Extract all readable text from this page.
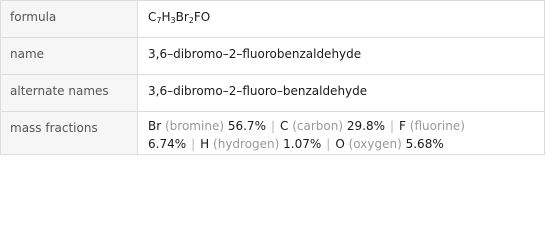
formula	$C_7H_3Br_2FO$
name	3,6–dibromo–2–fluorobenzaldehyde
alternate names	3,6–dibromo–2–fluoro–benzaldehyde
mass fractions	Br (bromine) 56.7% | C (carbon) 29.8% | F (fluorine)
6.74% | H (hydrogen) 1.07% | O (oxygen) 5.68%
